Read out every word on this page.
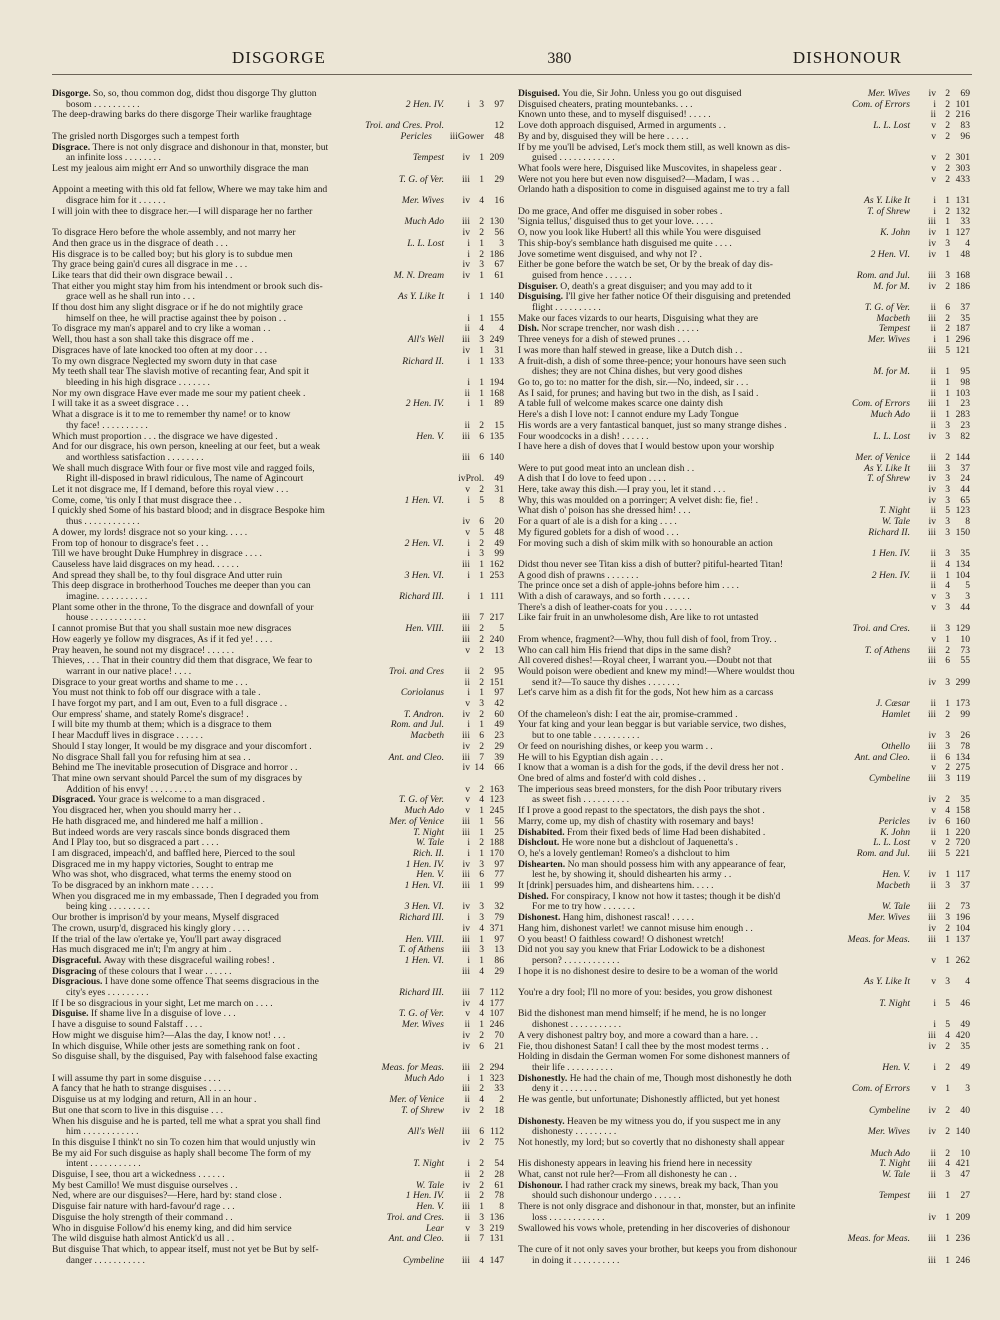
DISGORGE	380	DISHONOUR
Disgorge. So, so, thou common dog, didst thou disgorge Thy glutton
bosom . . . . . . . . . .	2 Hen. IV.	i 3	97
The deep-drawing barks do there disgorge Their warlike fraughtage
Troi. and Cres. Prol.	12
The grisled north Disgorges such a tempest forth	Pericles	iii Gower	48
Disgrace. There is not only disgrace and dishonour in that, monster, but
an infinite loss . . . . . . . .	Tempest	iv 1 209
Lest my jealous aim might err And so unworthily disgrace the man
T. G. of Ver.	iii 1	29
Appoint a meeting with this old fat fellow, Where we may take him and
disgrace him for it . . . . . .	Mer. Wives	iv 4	16
I will join with thee to disgrace her.—I will disparage her no farther
Much Ado	iii 2 130
To disgrace Hero before the whole assembly, and not marry her	iv 2	56
And then grace us in the disgrace of death . . .	L. L. Lost	i 1	3
His disgrace is to be called boy; but his glory is to subdue men	i 2 186
Thy grace being gain'd cures all disgrace in me . . .	iv 3	67
Like tears that did their own disgrace bewail . .	M. N. Dream	iv 1	61
That either you might stay him from his intendment or brook such dis-
grace well as he shall run into . . .	As Y. Like It	i 1 140
If thou dost him any slight disgrace or if he do not mightily grace
himself on thee, he will practise against thee by poison . .	i 1 155
To disgrace my man's apparel and to cry like a woman . .	ii 4	4
Well, thou hast a son shall take this disgrace off me .	All's Well	iii 3 249
Disgraces have of late knocked too often at my door . . .	iv 1	31
To my own disgrace Neglected my sworn duty in that case	Richard II.	i 1 133
My teeth shall tear The slavish motive of recanting fear, And spit it
bleeding in his high disgrace . . . . . . .	i 1 194
Nor my own disgrace Have ever made me sour my patient cheek .	ii 1 168
I will take it as a sweet disgrace . . .	2 Hen. IV.	i 1	89
What a disgrace is it to me to remember thy name! or to know
thy face! . . . . . . . . . .	ii 2	15
Which must proportion . . . the disgrace we have digested .	Hen. V.	iii 6 135
And for our disgrace, his own person, kneeling at our feet, but a weak
and worthless satisfaction . . . . . . . .	iii 6 140
We shall much disgrace With four or five most vile and ragged foils,
Right ill-disposed in brawl ridiculous, The name of Agincourt	iv Prol.	49
Let it not disgrace me, If I demand, before this royal view . . .	v 2	31
Come, come, 'tis only I that must disgrace thee . .	1 Hen. VI.	i 5	8
I quickly shed Some of his bastard blood; and in disgrace Bespoke him
thus . . . . . . . . . . . .	iv 6	20
A dower, my lords! disgrace not so your king. . . . .	v 5	48
From top of honour to disgrace's feet . . .	2 Hen. VI.	i 2	49
Till we have brought Duke Humphrey in disgrace . . . .	i 3	99
Causeless have laid disgraces on my head. . . . . .	iii 1 162
And spread they shall be, to thy foul disgrace And utter ruin	3 Hen. VI.	i 1 253
This deep disgrace in brotherhood Touches me deeper than you can
imagine. . . . . . . . . . .	Richard III.	i 1 111
Plant some other in the throne, To the disgrace and downfall of your
house . . . . . . . . . . . .	iii 7 217
I cannot promise But that you shall sustain moe new disgraces	Hen. VIII.	iii 2	5
How eagerly ye follow my disgraces, As if it fed ye! . . . .	iii 2 240
Pray heaven, he sound not my disgrace! . . . . . .	v 2	13
Thieves, . . . That in their country did them that disgrace, We fear to
warrant in our native place! . . . .	Troi. and Cres	ii 2	95
Disgrace to your great worths and shame to me . . .	ii 2 151
You must not think to fob off our disgrace with a tale .	Coriolanus	i 1	97
I have forgot my part, and I am out, Even to a full disgrace . .	v 3	42
Our empress' shame, and stately Rome's disgrace! .	T. Andron.	iv 2	60
I will bite my thumb at them; which is a disgrace to them	Rom. and Jul.	i 1	49
I hear Macduff lives in disgrace . . . . . .	Macbeth	iii 6	23
Should I stay longer, It would be my disgrace and your discomfort .	iv 2	29
No disgrace Shall fall you for refusing him at sea . .	Ant. and Cleo.	iii 7	39
Behind me The inevitable prosecution of Disgrace and horror . .	iv 14	66
That mine own servant should Parcel the sum of my disgraces by
Addition of his envy! . . . . . . . . .	v 2 163
Disgraced. Your grace is welcome to a man disgraced .	T. G. of Ver.	v 4 123
You disgraced her, when you should marry her . .	Much Ado	v 1 245
He hath disgraced me, and hindered me half a million .	Mer. of Venice	iii 1	56
But indeed words are very rascals since bonds disgraced them	T. Night	iii 1	25
And I Play too, but so disgraced a part . . . .	W. Tale	i 2 188
I am disgraced, impeach'd, and baffled here, Pierced to the soul	Rich. II.	i 1 170
Disgraced me in my happy victories, Sought to entrap me	1 Hen. IV.	iv 3	97
Who was shot, who disgraced, what terms the enemy stood on	Hen. V.	iii 6	77
To be disgraced by an inkhorn mate . . . . .	1 Hen. VI.	iii 1	99
When you disgraced me in my embassade, Then I degraded you from
being king . . . . . . . . .	3 Hen. VI.	iv 3	32
Our brother is imprison'd by your means, Myself disgraced	Richard III.	i 3	79
The crown, usurp'd, disgraced his kingly glory . . . .	iv 4 371
If the trial of the law o'ertake ye, You'll part away disgraced	Hen. VIII.	iii 1	97
Has much disgraced me in't; I'm angry at him .	T. of Athens	iii 3	13
Disgraceful. Away with these disgraceful wailing robes! .	1 Hen. VI.	i 1	86
Disgracing of these colours that I wear . . . . . .	iii 4	29
Disgracious. I have done some offence That seems disgracious in the
city's eyes . . . . . . . . .	Richard III.	iii 7 112
If I be so disgracious in your sight, Let me march on . . . .	iv 4 177
Disguise. If shame live In a disguise of love . . .	T. G. of Ver.	v 4 107
I have a disguise to sound Falstaff . . . .	Mer. Wives	ii 1 246
How might we disguise him?—Alas the day, I know not! . . .	iv 2	70
In which disguise, While other jests are something rank on foot .	iv 6	21
So disguise shall, by the disguised, Pay with falsehood false exacting
Meas. for Meas.	iii 2 294
I will assume thy part in some disguise . . . .	Much Ado	i 1 323
A fancy that he hath to strange disguises . . . . .	iii 2	33
Disguise us at my lodging and return, All in an hour .	Mer. of Venice	ii 4	2
But one that scorn to live in this disguise . . .	T. of Shrew	iv 2	18
When his disguise and he is parted, tell me what a sprat you shall find
him . . . . . . . . . . . .	All's Well	iii 6 112
In this disguise I think't no sin To cozen him that would unjustly win	iv 2	75
Be my aid For such disguise as haply shall become The form of my
intent . . . . . . . . . . .	T. Night	i 2	54
Disguise, I see, thou art a wickedness . . . . . .	ii 2	28
My best Camillo! We must disguise ourselves . .	W. Tale	iv 2	61
Ned, where are our disguises?—Here, hard by: stand close .	1 Hen. IV.	ii 2	78
Disguise fair nature with hard-favour'd rage . . .	Hen. V.	iii 1	8
Disguise the holy strength of their command . .	Troi. and Cres.	ii 3 136
Who in disguise Follow'd his enemy king, and did him service	Lear	v 3 219
The wild disguise hath almost Antick'd us all . .	Ant. and Cleo.	ii 7 131
But disguise That which, to appear itself, must not yet be But by self-
danger . . . . . . . . . . .	Cymbeline	iii 4 147
Disguised. You die, Sir John. Unless you go out disguised	Mer. Wives	iv 2	69
Disguised cheaters, prating mountebanks. . . .	Com. of Errors	i 2 101
Known unto these, and to myself disguised! . . . . .	ii 2 216
Love doth approach disguised, Armed in arguments . .	L. L. Lost	v 2	83
By and by, disguised they will be here . . . . .	v 2	96
If by me you'll be advised, Let's mock them still, as well known as dis-
guised . . . . . . . . . . . .	v 2 301
What fools were here, Disguised like Muscovites, in shapeless gear .	v 2 303
Were not you here but even now disguised?—Madam, I was . .	v 2 433
Orlando hath a disposition to come in disguised against me to try a fall
As Y. Like It	i 1 131
Do me grace, And offer me disguised in sober robes .	T. of Shrew	i 2 132
'Signia tellus,' disguised thus to get your love. . . . .	iii 1	33
O, now you look like Hubert! all this while You were disguised	K. John	iv 1 127
This ship-boy's semblance hath disguised me quite . . . .	iv 3	4
Jove sometime went disguised, and why not I? .	2 Hen. VI.	iv 1	48
Either be gone before the watch be set, Or by the break of day dis-
guised from hence . . . . . .	Rom. and Jul.	iii 3 168
Disguiser. O, death's a great disguiser; and you may add to it	M. for M.	iv 2 186
Disguising. I'll give her father notice Of their disguising and pretended
flight . . . . . . . . . .	T. G. of Ver.	ii 6	37
Make our faces vizards to our hearts, Disguising what they are	Macbeth	iii 2	35
Dish. Nor scrape trencher, nor wash dish . . . . .	Tempest	ii 2 187
Three veneys for a dish of stewed prunes . . .	Mer. Wives	i 1 296
I was more than half stewed in grease, like a Dutch dish . .	iii 5 121
A fruit-dish, a dish of some three-pence; your honours have seen such
dishes; they are not China dishes, but very good dishes	M. for M.	ii 1	95
Go to, go to: no matter for the dish, sir.—No, indeed, sir . . .	ii 1	98
As I said, for prunes; and having but two in the dish, as I said .	ii 1 103
A table full of welcome makes scarce one dainty dish	Com. of Errors	iii 1	23
Here's a dish I love not: I cannot endure my Lady Tongue	Much Ado	ii 1 283
His words are a very fantastical banquet, just so many strange dishes .	ii 3	23
Four woodcocks in a dish! . . . . . .	L. L. Lost	iv 3	82
I have here a dish of doves that I would bestow upon your worship
Mer. of Venice	ii 2 144
Were to put good meat into an unclean dish . .	As Y. Like It	iii 3	37
A dish that I do love to feed upon . . . .	T. of Shrew	iv 3	24
Here, take away this dish.—I pray you, let it stand . . .	iv 3	44
Why, this was moulded on a porringer; A velvet dish: fie, fie! .	iv 3	65
What dish o' poison has she dressed him! . . .	T. Night	ii 5 123
For a quart of ale is a dish for a king . . . .	W. Tale	iv 3	8
My figured goblets for a dish of wood . . .	Richard II.	iii 3 150
For moving such a dish of skim milk with so honourable an action
1 Hen. IV.	ii 3	35
Didst thou never see Titan kiss a dish of butter? pitiful-hearted Titan!	ii 4 134
A good dish of prawns . . . . . . .	2 Hen. IV.	ii 1 104
The prince once set a dish of apple-johns before him . . . .	ii 4	5
With a dish of caraways, and so forth . . . . . .	v 3	3
There's a dish of leather-coats for you . . . . . .	v 3	44
Like fair fruit in an unwholesome dish, Are like to rot untasted
Troi. and Cres.	ii 3 129
From whence, fragment?—Why, thou full dish of fool, from Troy. .	v 1	10
Who can call him His friend that dips in the same dish?	T. of Athens	iii 2	73
All covered dishes!—Royal cheer, I warrant you.—Doubt not that	iii 6	55
Would poison were obedient and knew my mind!—Where wouldst thou
send it?—To sauce thy dishes . . . . . . .	iv 3 299
Let's carve him as a dish fit for the gods, Not hew him as a carcass
J. Cæsar	ii 1 173
Of the chameleon's dish: I eat the air, promise-crammed .	Hamlet	iii 2	99
Your fat king and your lean beggar is but variable service, two dishes,
but to one table . . . . . . . . . .	iv 3	26
Or feed on nourishing dishes, or keep you warm . .	Othello	iii 3	78
He will to his Egyptian dish again . . .	Ant. and Cleo.	ii 6 134
I know that a woman is a dish for the gods, if the devil dress her not .	v 2 275
One bred of alms and foster'd with cold dishes . .	Cymbeline	iii 3 119
The imperious seas breed monsters, for the dish Poor tributary rivers
as sweet fish . . . . . . . . . .	iv 2	35
If I prove a good repast to the spectators, the dish pays the shot .	v 4 158
Marry, come up, my dish of chastity with rosemary and bays!	Pericles	iv 6 160
Dishabited. From their fixed beds of lime Had been dishabited .	K. John	ii 1 220
Dishclout. He wore none but a dishclout of Jaquenetta's .	L. L. Lost	v 2 720
O, he's a lovely gentleman! Romeo's a dishclout to him	Rom. and Jul.	iii 5 221
Dishearten. No man should possess him with any appearance of fear,
lest he, by showing it, should dishearten his army . .	Hen. V.	iv 1 117
It [drink] persuades him, and disheartens him. . . . .	Macbeth	ii 3	37
Dished. For conspiracy, I know not how it tastes; though it be dish'd
For me to try how . . . . . . .	W. Tale	iii 2	73
Dishonest. Hang him, dishonest rascal! . . . . .	Mer. Wives	iii 3 196
Hang him, dishonest varlet! we cannot misuse him enough . .	iv 2 104
O you beast! O faithless coward! O dishonest wretch!	Meas. for Meas.	iii 1 137
Did not you say you knew that Friar Lodowick to be a dishonest
person? . . . . . . . . . . . .	v 1 262
I hope it is no dishonest desire to desire to be a woman of the world
As Y. Like It	v 3	4
You're a dry fool; I'll no more of you: besides, you grow dishonest
T. Night	i 5	46
Bid the dishonest man mend himself; if he mend, he is no longer
dishonest . . . . . . . . . . .	i 5	49
A very dishonest paltry boy, and more a coward than a hare. . .	iii 4 420
Fie, thou dishonest Satan! I call thee by the most modest terms . .	iv 2	35
Holding in disdain the German women For some dishonest manners of
their life . . . . . . . . . .	Hen. V.	i 2	49
Dishonestly. He had the chain of me, Though most dishonestly he doth
deny it . . . . . . . .	Com. of Errors	v 1	3
He was gentle, but unfortunate; Dishonestly afflicted, but yet honest
Cymbeline	iv 2	40
Dishonesty. Heaven be my witness you do, if you suspect me in any
dishonesty . . . . . . . . .	Mer. Wives	iv 2 140
Not honestly, my lord; but so covertly that no dishonesty shall appear
Much Ado	ii 2	10
His dishonesty appears in leaving his friend here in necessity	T. Night	iii 4 421
What, canst not rule her?—From all dishonesty he can . .	W. Tale	ii 3	47
Dishonour. I had rather crack my sinews, break my back, Than you
should such dishonour undergo . . . . . .	Tempest	iii 1	27
There is not only disgrace and dishonour in that, monster, but an infinite
loss . . . . . . . . . . . .	iv 1 209
Swallowed his vows whole, pretending in her discoveries of dishonour
Meas. for Meas.	iii 1 236
The cure of it not only saves your brother, but keeps you from dishonour
in doing it . . . . . . . . . .	iii 1 246
